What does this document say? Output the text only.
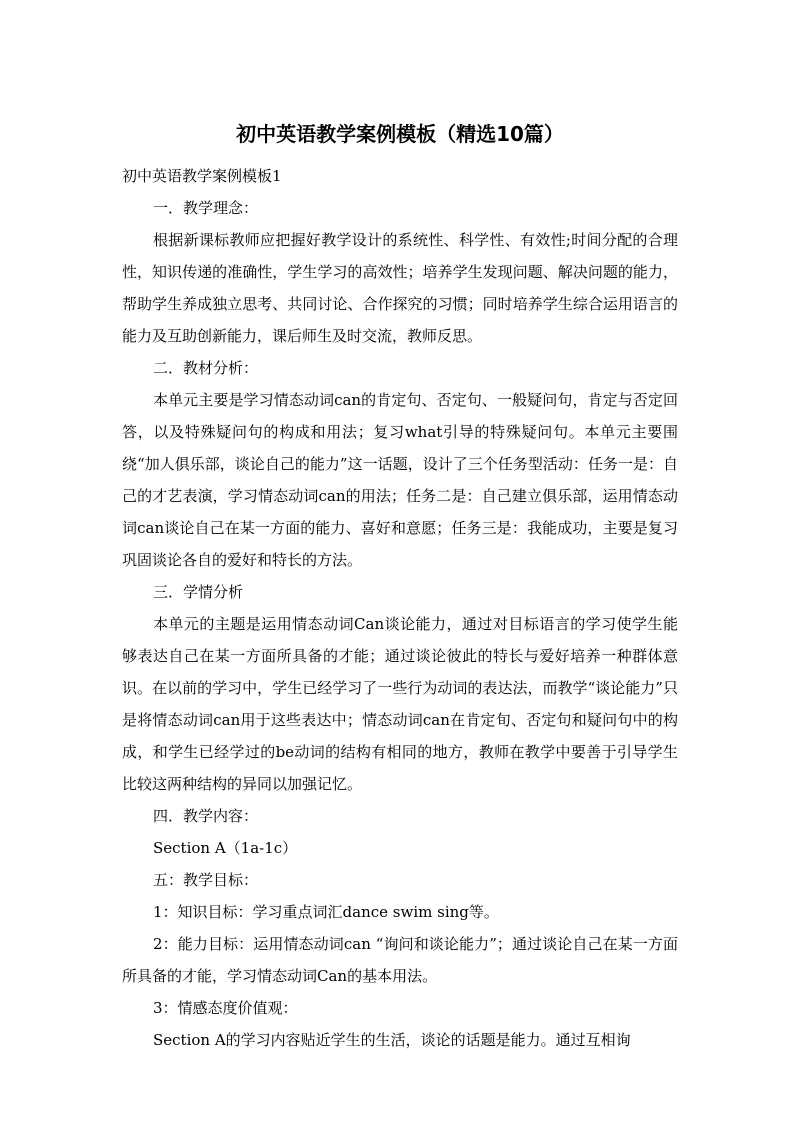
初中英语教学案例模板（精选10篇）

初中英语教学案例模板1

一．教学理念：

根据新课标教师应把握好教学设计的系统性、科学性、有效性;时间分配的合理性，知识传递的准确性，学生学习的高效性；培养学生发现问题、解决问题的能力，帮助学生养成独立思考、共同讨论、合作探究的习惯；同时培养学生综合运用语言的能力及互助创新能力，课后师生及时交流，教师反思。

二．教材分析：

本单元主要是学习情态动词can的肯定句、否定句、一般疑问句，肯定与否定回答，以及特殊疑问句的构成和用法；复习what引导的特殊疑问句。本单元主要围绕“加人俱乐部，谈论自己的能力”这一话题，设计了三个任务型活动：任务一是：自己的才艺表演，学习情态动词can的用法；任务二是：自己建立俱乐部，运用情态动词can谈论自己在某一方面的能力、喜好和意愿；任务三是：我能成功，主要是复习巩固谈论各自的爱好和特长的方法。

三．学情分析

本单元的主题是运用情态动词Can谈论能力，通过对目标语言的学习使学生能够表达自己在某一方面所具备的才能；通过谈论彼此的特长与爱好培养一种群体意识。在以前的学习中，学生已经学习了一些行为动词的表达法，而教学“谈论能力”只是将情态动词can用于这些表达中；情态动词can在肯定旬、否定句和疑问句中的构成，和学生已经学过的be动词的结构有相同的地方，教师在教学中要善于引导学生比较这两种结构的异同以加强记忆。

四．教学内容：

Section A（1a-1c）

五：教学目标：

1：知识目标：学习重点词汇dance swim sing等。

2：能力目标：运用情态动词can “询问和谈论能力”；通过谈论自己在某一方面所具备的才能，学习情态动词Can的基本用法。

3：情感态度价值观：

Section A的学习内容贴近学生的生活，谈论的话题是能力。通过互相询
